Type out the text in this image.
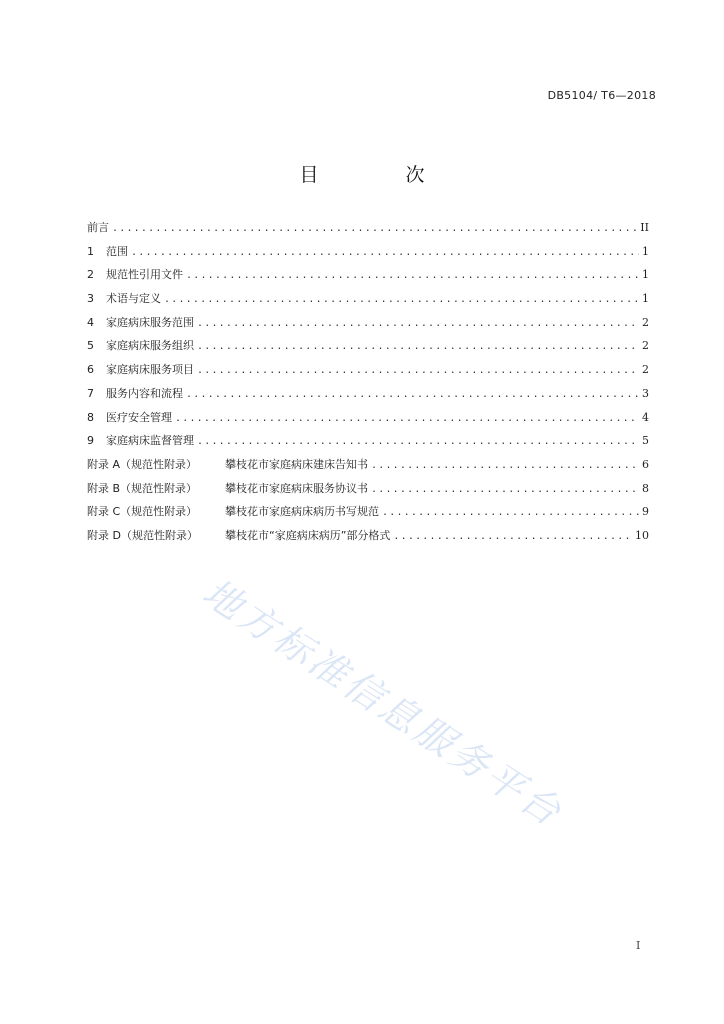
DB5104/ T6—2018
目　次
前言 .....	II
1 范围 .....	1
2 规范性引用文件 .....	1
3 术语与定义 .....	1
4 家庭病床服务范围 .....	2
5 家庭病床服务组织 .....	2
6 家庭病床服务项目 .....	2
7 服务内容和流程 .....	3
8 医疗安全管理 .....	4
9 家庭病床监督管理 .....	5
附录 A（规范性附录）	攀枝花市家庭病床建床告知书 .....	6
附录 B（规范性附录）	攀枝花市家庭病床服务协议书 .....	8
附录 C（规范性附录）	攀枝花市家庭病床病历书写规范 .....	9
附录 D（规范性附录） 攀枝花市“家庭病床病历”部分格式 .....	10
地方标准信息服务平台
I
